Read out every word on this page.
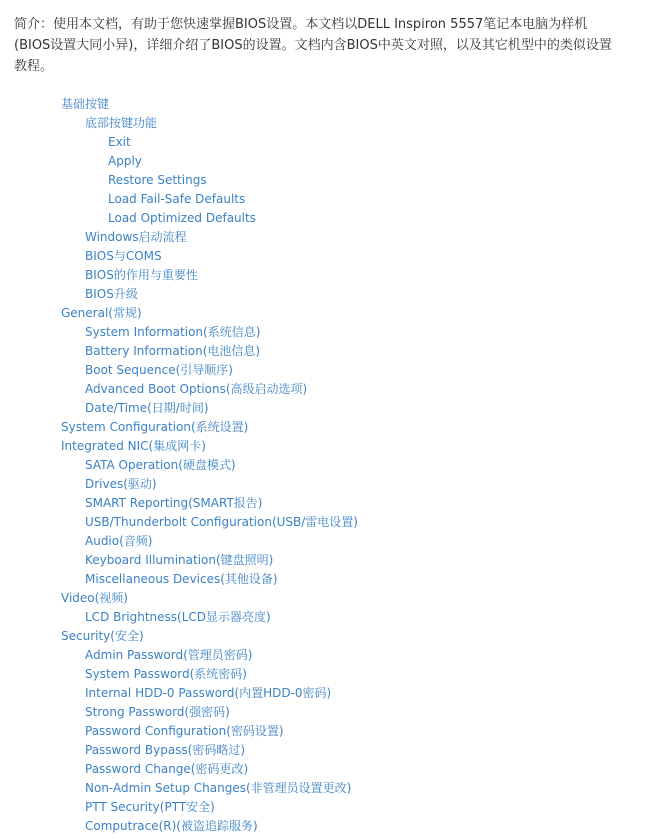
简介：使用本文档，有助于您快速掌握BIOS设置。本文档以DELL Inspiron 5557笔记本电脑为样机(BIOS设置大同小异)，详细介绍了BIOS的设置。文档内含BIOS中英文对照，以及其它机型中的类似设置教程。
基础按键
底部按键功能
Exit
Apply
Restore Settings
Load Fail-Safe Defaults
Load Optimized Defaults
Windows启动流程
BIOS与COMS
BIOS的作用与重要性
BIOS升级
General(常规)
System Information(系统信息)
Battery Information(电池信息)
Boot Sequence(引导顺序)
Advanced Boot Options(高级启动选项)
Date/Time(日期/时间)
System Configuration(系统设置)
Integrated NIC(集成网卡)
SATA Operation(硬盘模式)
Drives(驱动)
SMART Reporting(SMART报告)
USB/Thunderbolt Configuration(USB/雷电设置)
Audio(音频)
Keyboard Illumination(键盘照明)
Miscellaneous Devices(其他设备)
Video(视频)
LCD Brightness(LCD显示器亮度)
Security(安全)
Admin Password(管理员密码)
System Password(系统密码)
Internal HDD-0 Password(内置HDD-0密码)
Strong Password(强密码)
Password Configuration(密码设置)
Password Bypass(密码略过)
Password Change(密码更改)
Non-Admin Setup Changes(非管理员设置更改)
PTT Security(PTT安全)
Computrace(R)(被盗追踪服务)
